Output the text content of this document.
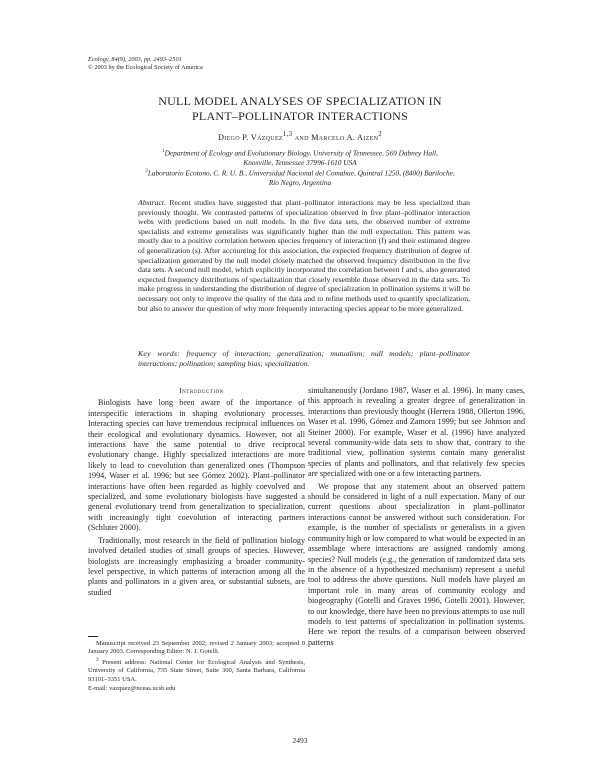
Ecology, 84(9), 2003, pp. 2493–2501
© 2003 by the Ecological Society of America
NULL MODEL ANALYSES OF SPECIALIZATION IN
PLANT–POLLINATOR INTERACTIONS
Diego P. Vázquez$^{1,3}$ and Marcelo A. Aizen$^2$
$^1$Department of Ecology and Evolutionary Biology, University of Tennessee, 569 Dabney Hall,
Knoxville, Tennessee 37996-1610 USA
$^2$Laboratorio Ecotono, C. R. U. B., Universidad Nacional del Comahue, Quintral 1250, (8400) Bariloche,
Río Negro, Argentina

Abstract. Recent studies have suggested that plant–pollinator interactions may be less specialized than previously thought. We contrasted patterns of specialization observed in five plant–pollinator interaction webs with predictions based on null models. In the five data sets, the observed number of extreme specialists and extreme generalists was significantly higher than the null expectation. This pattern was mostly due to a positive correlation between species frequency of interaction (f) and their estimated degree of generalization (s). After accounting for this association, the expected frequency distribution of degree of specialization generated by the null model closely matched the observed frequency distribution in the five data sets. A second null model, which explicitly incorporated the correlation between f and s, also generated expected frequency distributions of specialization that closely resemble those observed in the data sets. To make progress in understanding the distribution of degree of specialization in pollination systems it will be necessary not only to improve the quality of the data and to refine methods used to quantify specialization, but also to answer the question of why more frequently interacting species appear to be more generalized.

Key words: frequency of interaction; generalization; mutualism; null models; plant–pollinator interactions; pollination; sampling bias; specialization.

Introduction

Biologists have long been aware of the importance of interspecific interactions in shaping evolutionary processes. Interacting species can have tremendous reciprocal influences on their ecological and evolutionary dynamics. However, not all interactions have the same potential to drive reciprocal evolutionary change. Highly specialized interactions are more likely to lead to coevolution than generalized ones (Thompson 1994, Waser et al. 1996; but see Gómez 2002). Plant–pollinator interactions have often been regarded as highly coevolved and specialized, and some evolutionary biologists have suggested a general evolutionary trend from generalization to specialization, with increasingly tight coevolution of interacting partners (Schluter 2000).

Traditionally, most research in the field of pollination biology involved detailed studies of small groups of species. However, biologists are increasingly emphasizing a broader community-level perspective, in which patterns of interaction among all the plants and pollinators in a given area, or substantial subsets, are studied

simultaneously (Jordano 1987, Waser et al. 1996). In many cases, this approach is revealing a greater degree of generalization in interactions than previously thought (Herrera 1988, Ollerton 1996, Waser et al. 1996, Gómez and Zamora 1999; but see Johnson and Steiner 2000). For example, Waser et al. (1996) have analyzed several community-wide data sets to show that, contrary to the traditional view, pollination systems contain many generalist species of plants and pollinators, and that relatively few species are specialized with one or a few interacting partners.

We propose that any statement about an observed pattern should be considered in light of a null expectation. Many of our current questions about specialization in plant–pollinator interactions cannot be answered without such consideration. For example, is the number of specialists or generalists in a given community high or low compared to what would be expected in an assemblage where interactions are assigned randomly among species? Null models (e.g., the generation of randomized data sets in the absence of a hypothesized mechanism) represent a useful tool to address the above questions. Null models have played an important role in many areas of community ecology and biogeography (Gotelli and Graves 1996, Gotelli 2001). However, to our knowledge, there have been no previous attempts to use null models to test patterns of specialization in pollination systems. Here we report the results of a comparison between observed patterns

Manuscript received 23 September 2002; revised 2 January 2003; accepted 9 January 2003. Corresponding Editor: N. J. Gotelli.

$^3$ Present address: National Center for Ecological Analysis and Synthesis, University of California, 735 State Street, Suite 300, Santa Barbara, California 93101–3351 USA.

E-mail: vazquez@nceas.ucsb.edu

2493
